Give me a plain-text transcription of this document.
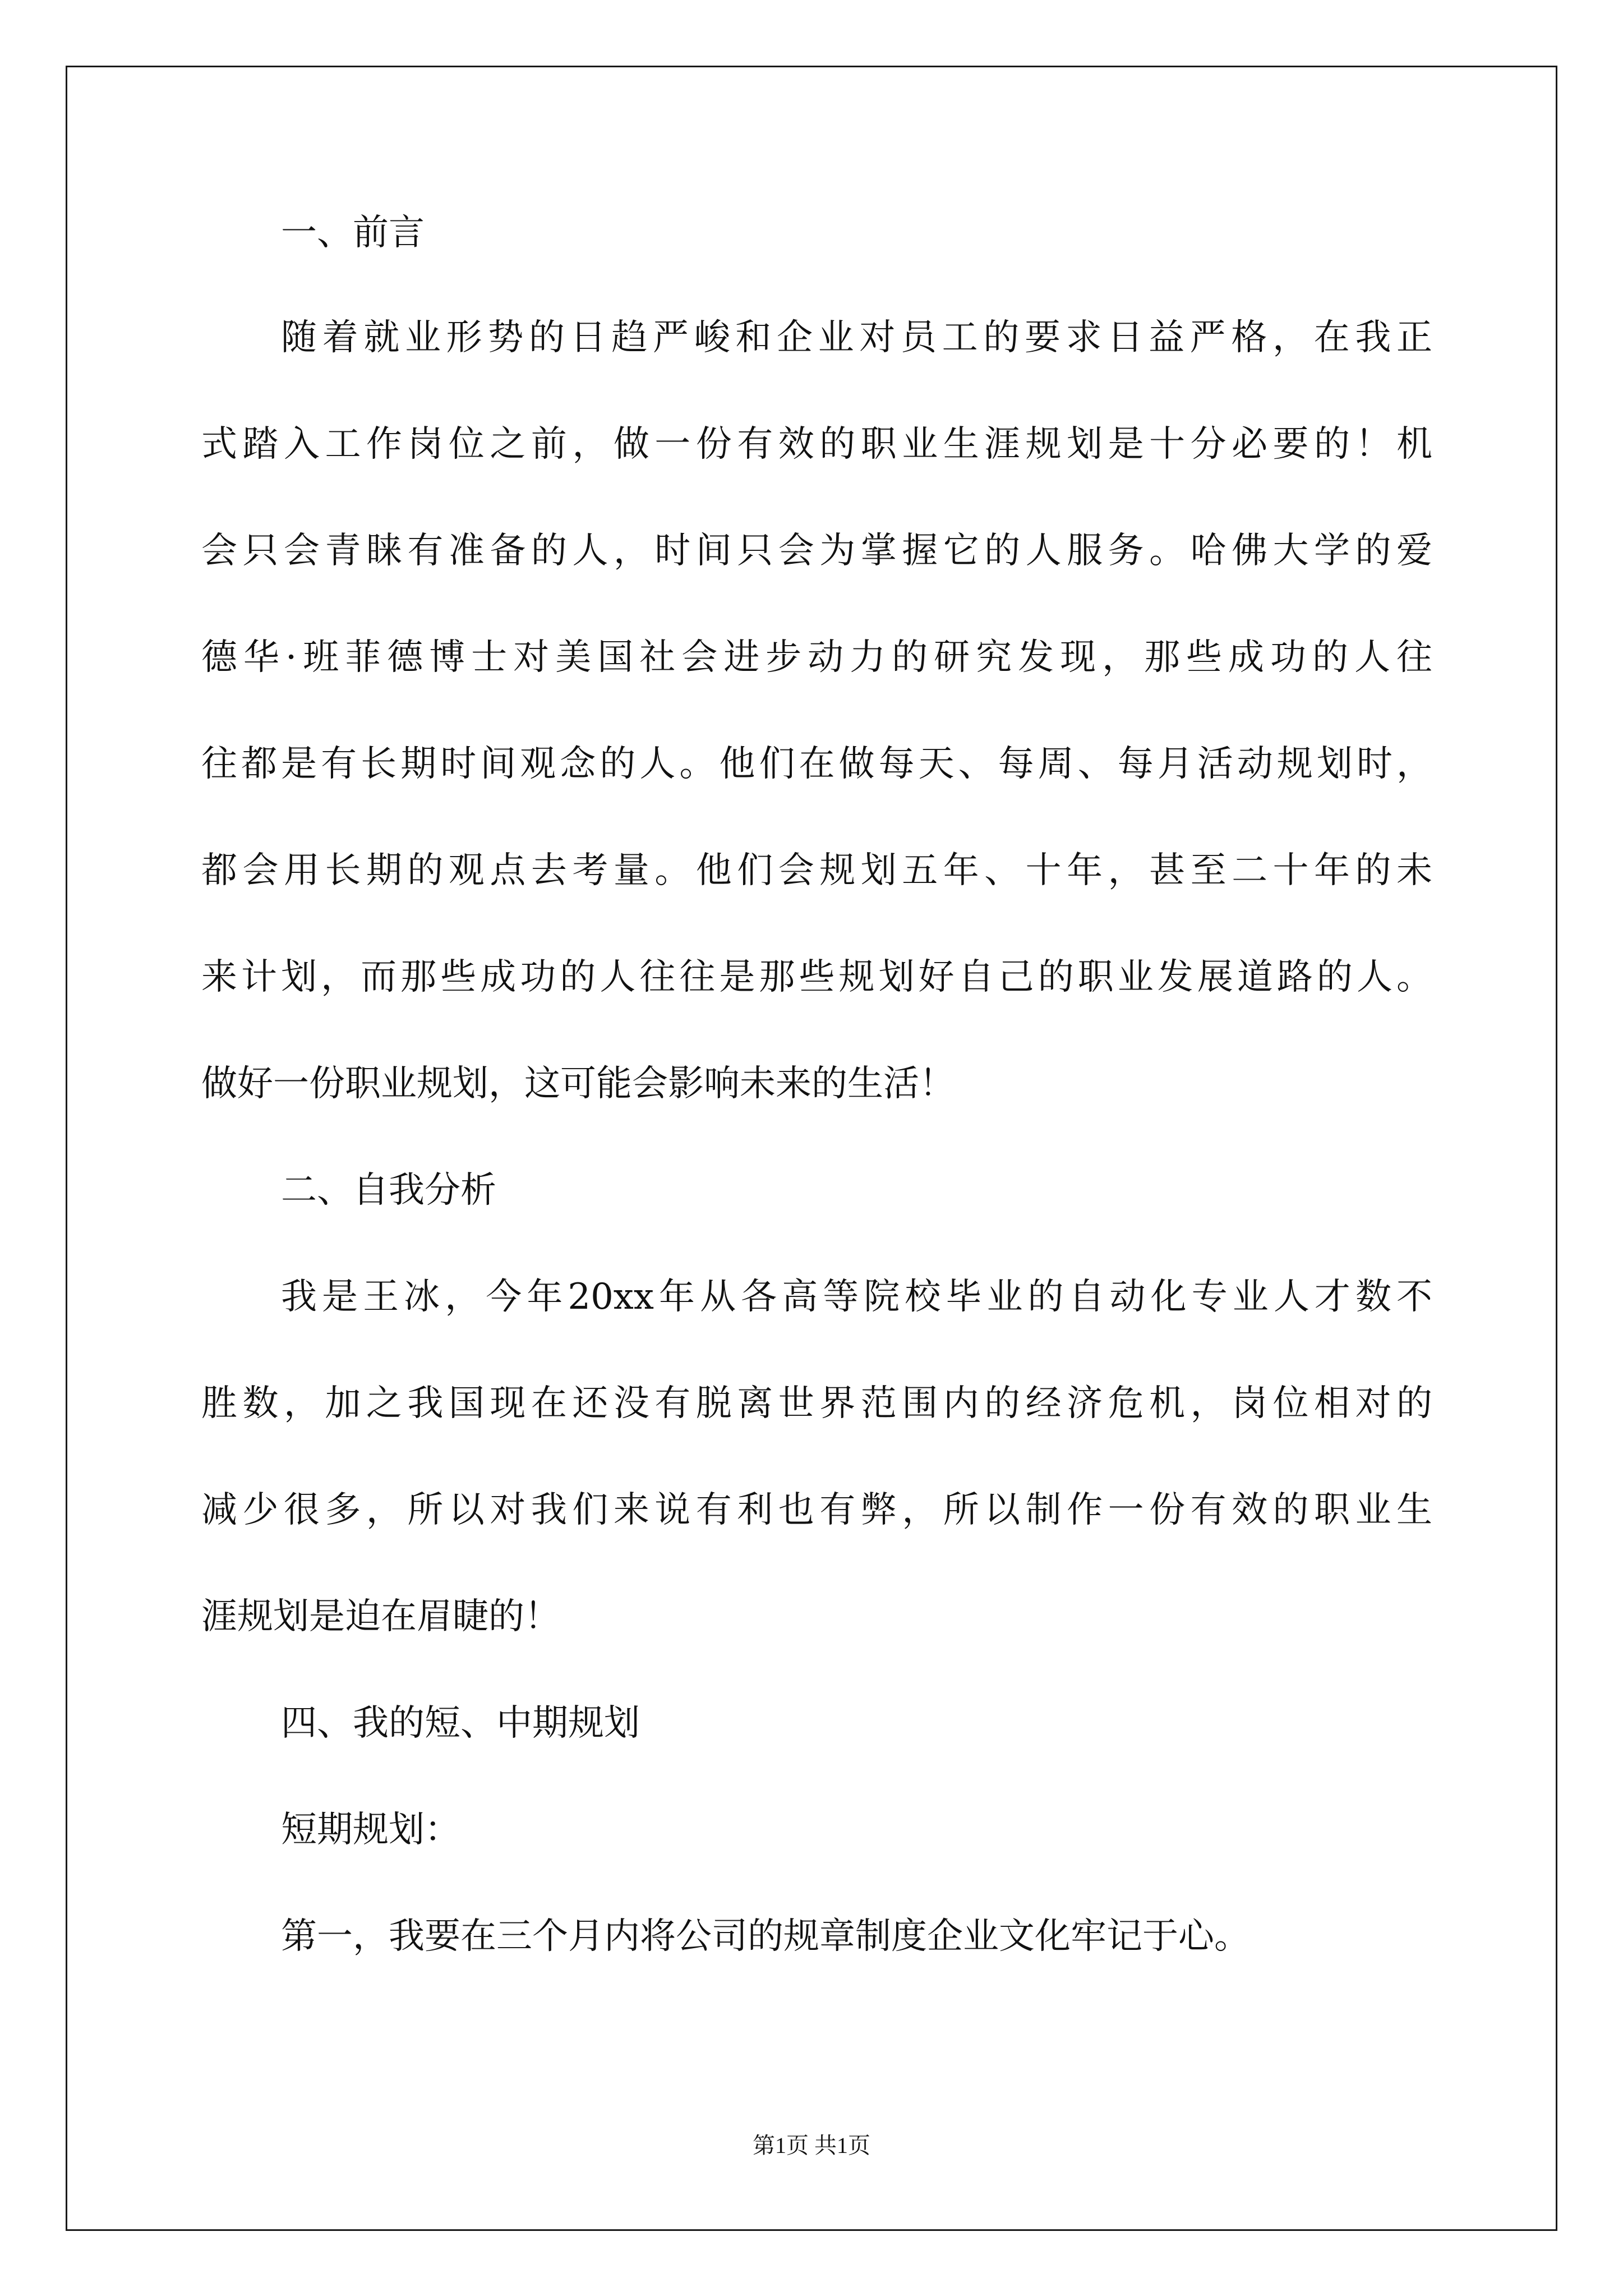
一、前言
随着就业形势的日趋严峻和企业对员工的要求日益严格，在我正
式踏入工作岗位之前，做一份有效的职业生涯规划是十分必要的！机
会只会青睐有准备的人，时间只会为掌握它的人服务。哈佛大学的爱
德华·班菲德博士对美国社会进步动力的研究发现，那些成功的人往
往都是有长期时间观念的人。他们在做每天、每周、每月活动规划时，
都会用长期的观点去考量。他们会规划五年、十年，甚至二十年的未
来计划，而那些成功的人往往是那些规划好自己的职业发展道路的人。
做好一份职业规划，这可能会影响未来的生活！
二、自我分析
我是王冰，今年20xx年从各高等院校毕业的自动化专业人才数不
胜数，加之我国现在还没有脱离世界范围内的经济危机，岗位相对的
减少很多，所以对我们来说有利也有弊，所以制作一份有效的职业生
涯规划是迫在眉睫的！
四、我的短、中期规划
短期规划：
第一，我要在三个月内将公司的规章制度企业文化牢记于心。
第1页 共1页
